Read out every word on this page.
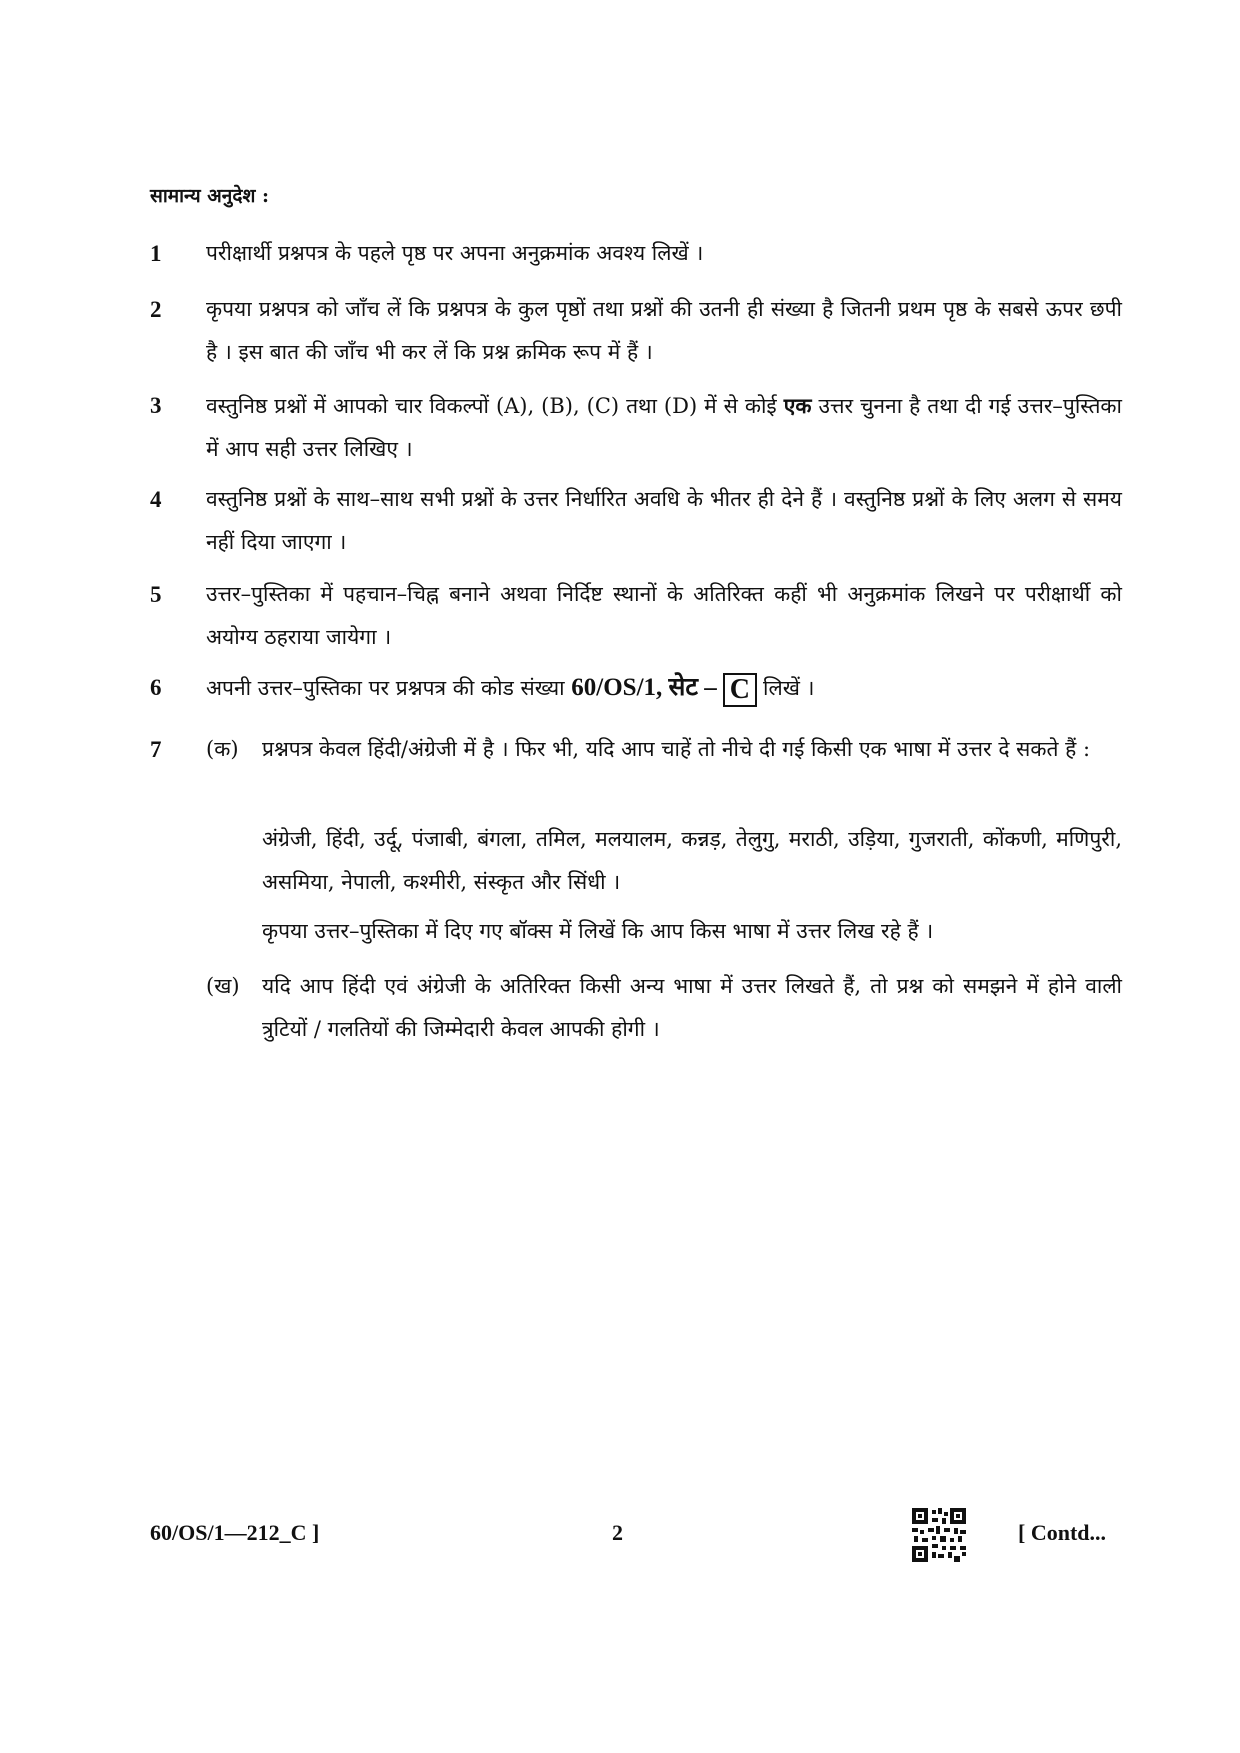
सामान्य अनुदेश :
1	परीक्षार्थी प्रश्नपत्र के पहले पृष्ठ पर अपना अनुक्रमांक अवश्य लिखें ।
2	कृपया प्रश्नपत्र को जाँच लें कि प्रश्नपत्र के कुल पृष्ठों तथा प्रश्नों की उतनी ही संख्या है जितनी प्रथम पृष्ठ के सबसे ऊपर छपी है । इस बात की जाँच भी कर लें कि प्रश्न क्रमिक रूप में हैं ।
3	वस्तुनिष्ठ प्रश्नों में आपको चार विकल्पों (A), (B), (C) तथा (D) में से कोई एक उत्तर चुनना है तथा दी गई उत्तर–पुस्तिका में आप सही उत्तर लिखिए ।
4	वस्तुनिष्ठ प्रश्नों के साथ–साथ सभी प्रश्नों के उत्तर निर्धारित अवधि के भीतर ही देने हैं । वस्तुनिष्ठ प्रश्नों के लिए अलग से समय नहीं दिया जाएगा ।
5	उत्तर–पुस्तिका में पहचान–चिह्न बनाने अथवा निर्दिष्ट स्थानों के अतिरिक्त कहीं भी अनुक्रमांक लिखने पर परीक्षार्थी को अयोग्य ठहराया जायेगा ।
6	अपनी उत्तर–पुस्तिका पर प्रश्नपत्र की कोड संख्या 60/OS/1, सेट – C लिखें ।
7	(क)	प्रश्नपत्र केवल हिंदी/अंग्रेजी में है । फिर भी, यदि आप चाहें तो नीचे दी गई किसी एक भाषा में उत्तर दे सकते हैं :
अंग्रेजी, हिंदी, उर्दू, पंजाबी, बंगला, तमिल, मलयालम, कन्नड़, तेलुगु, मराठी, उड़िया, गुजराती, कोंकणी, मणिपुरी, असमिया, नेपाली, कश्मीरी, संस्कृत और सिंधी ।
कृपया उत्तर–पुस्तिका में दिए गए बॉक्स में लिखें कि आप किस भाषा में उत्तर लिख रहे हैं ।
(ख)	यदि आप हिंदी एवं अंग्रेजी के अतिरिक्त किसी अन्य भाषा में उत्तर लिखते हैं, तो प्रश्न को समझने में होने वाली त्रुटियों / गलतियों की जिम्मेदारी केवल आपकी होगी ।
60/OS/1—212_C ]	2	[ Contd...
